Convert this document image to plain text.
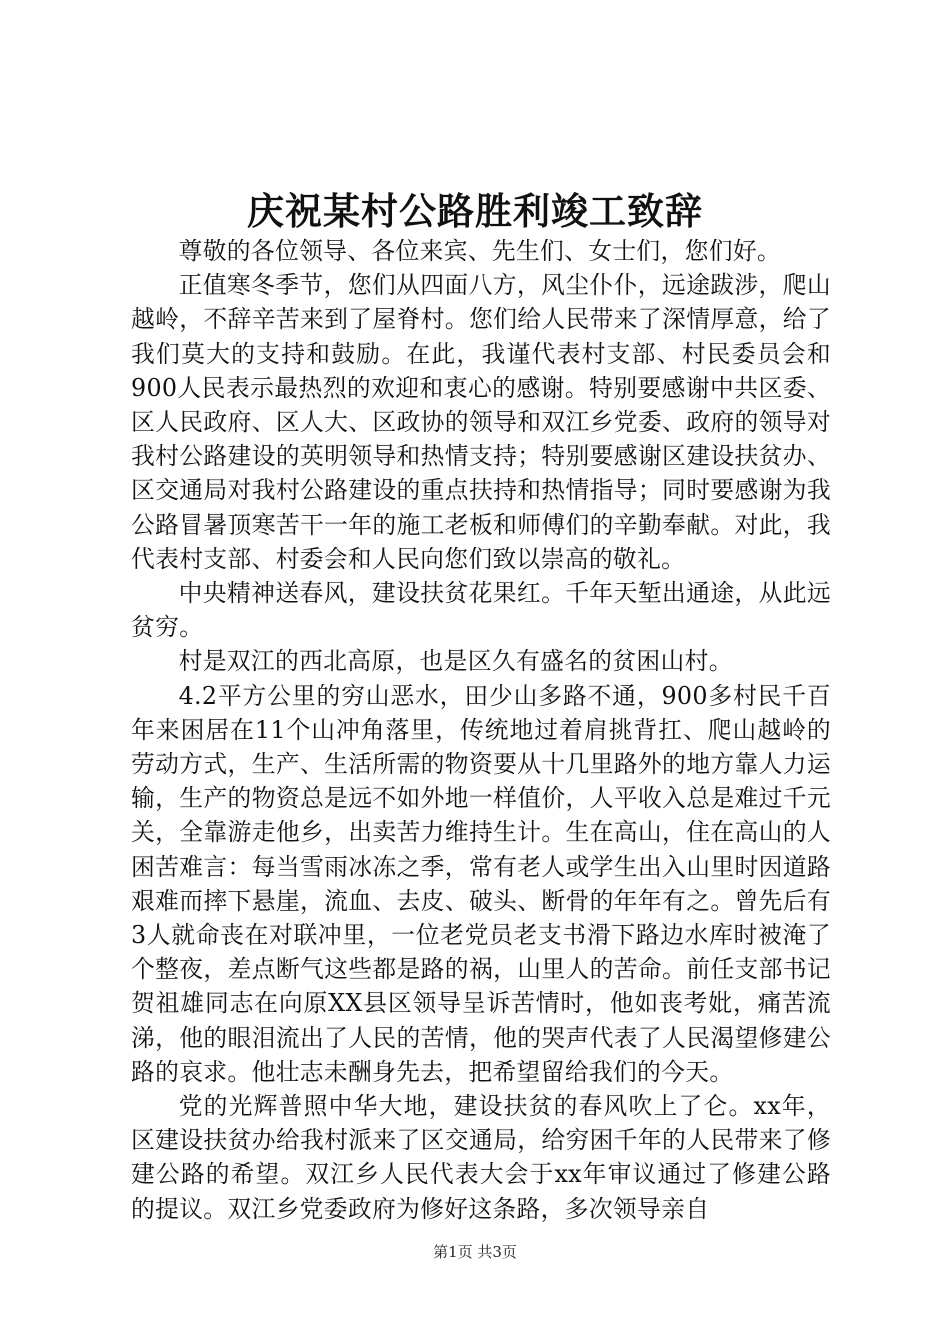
庆祝某村公路胜利竣工致辞

尊敬的各位领导、各位来宾、先生们、女士们，您们好。

正值寒冬季节，您们从四面八方，风尘仆仆，远途跋涉，爬山越岭，不辞辛苦来到了屋脊村。您们给人民带来了深情厚意，给了我们莫大的支持和鼓励。在此，我谨代表村支部、村民委员会和900人民表示最热烈的欢迎和衷心的感谢。特别要感谢中共区委、区人民政府、区人大、区政协的领导和双江乡党委、政府的领导对我村公路建设的英明领导和热情支持；特别要感谢区建设扶贫办、区交通局对我村公路建设的重点扶持和热情指导；同时要感谢为我公路冒暑顶寒苦干一年的施工老板和师傅们的辛勤奉献。对此，我代表村支部、村委会和人民向您们致以崇高的敬礼。

中央精神送春风，建设扶贫花果红。千年天堑出通途，从此远贫穷。

村是双江的西北高原，也是区久有盛名的贫困山村。

4.2平方公里的穷山恶水，田少山多路不通，900多村民千百年来困居在11个山冲角落里，传统地过着肩挑背扛、爬山越岭的劳动方式，生产、生活所需的物资要从十几里路外的地方靠人力运输，生产的物资总是远不如外地一样值价，人平收入总是难过千元关，全靠游走他乡，出卖苦力维持生计。生在高山，住在高山的人困苦难言：每当雪雨冰冻之季，常有老人或学生出入山里时因道路艰难而摔下悬崖，流血、去皮、破头、断骨的年年有之。曾先后有3人就命丧在对联冲里，一位老党员老支书滑下路边水库时被淹了个整夜，差点断气这些都是路的祸，山里人的苦命。前任支部书记贺祖雄同志在向原XX县区领导呈诉苦情时，他如丧考妣，痛苦流涕，他的眼泪流出了人民的苦情，他的哭声代表了人民渴望修建公路的哀求。他壮志未酬身先去，把希望留给我们的今天。

党的光辉普照中华大地，建设扶贫的春风吹上了仑。xx年，区建设扶贫办给我村派来了区交通局，给穷困千年的人民带来了修建公路的希望。双江乡人民代表大会于xx年审议通过了修建公路的提议。双江乡党委政府为修好这条路，多次领导亲自

第1页 共3页
